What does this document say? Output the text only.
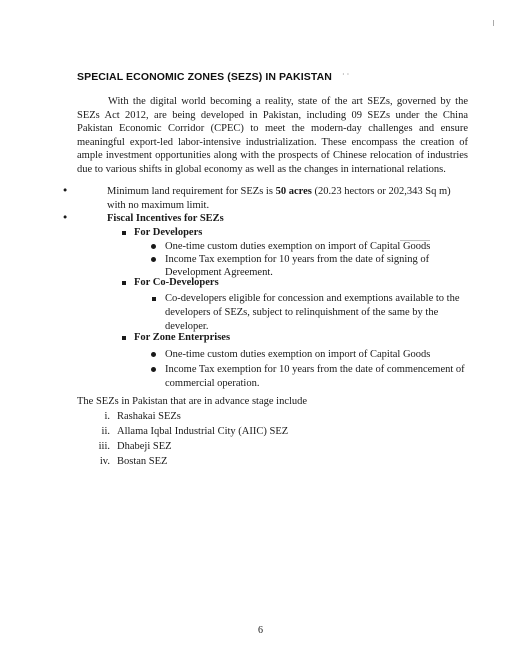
SPECIAL ECONOMIC ZONES (SEZS) IN PAKISTAN · ·

With the digital world becoming a reality, state of the art SEZs, governed by the SEZs Act 2012, are being developed in Pakistan, including 09 SEZs under the China Pakistan Economic Corridor (CPEC) to meet the modern-day challenges and ensure meaningful export-led labor-intensive industrialization. These encompass the creation of ample investment opportunities along with the prospects of Chinese relocation of industries due to various shifts in global economy as well as the changes in international relations.

•	Minimum land requirement for SEZs is 50 acres (20.23 hectors or 202,343 Sq m)
with no maximum limit.
•	Fiscal Incentives for SEZs
For Developers
One-time custom duties exemption on import of Capital Goods
Income Tax exemption for 10 years from the date of signing of
Development Agreement.
For Co-Developers
Co-developers eligible for concession and exemptions available to the
developers of SEZs, subject to relinquishment of the same by the
developer.
For Zone Enterprises
One-time custom duties exemption on import of Capital Goods
Income Tax exemption for 10 years from the date of commencement of
commercial operation.
The SEZs in Pakistan that are in advance stage include
i. Rashakai SEZs
ii. Allama Iqbal Industrial City (AIIC) SEZ
iii. Dhabeji SEZ
iv. Bostan SEZ
6
